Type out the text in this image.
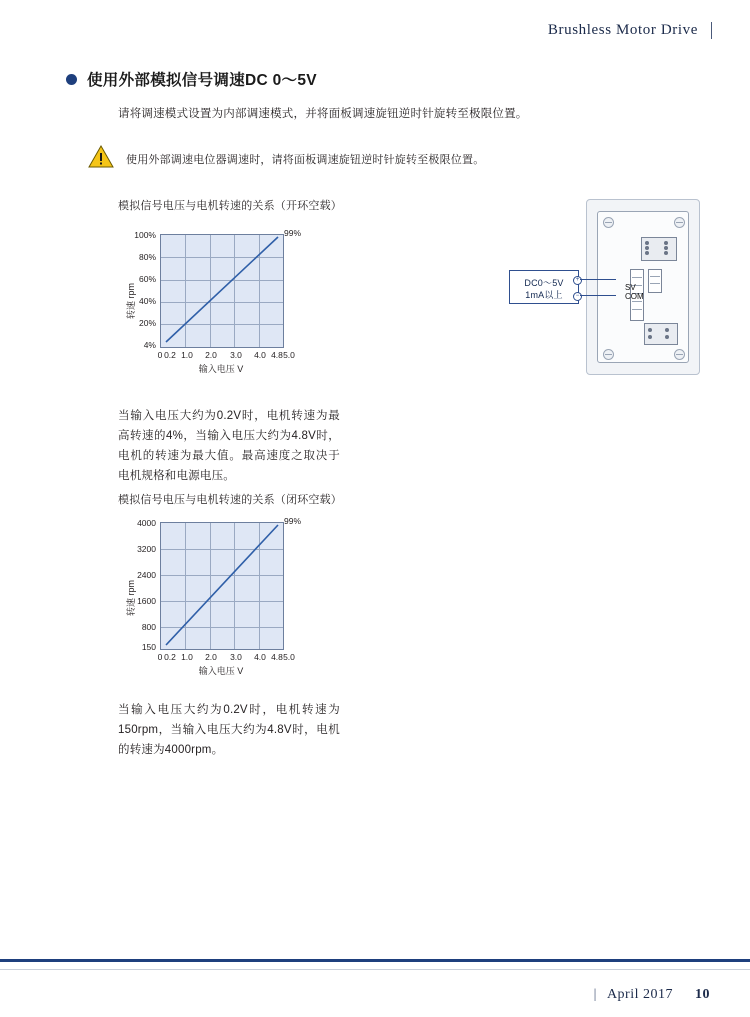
Brushless Motor Drive
使用外部模拟信号调速DC 0～5V
请将调速模式设置为内部调速模式，并将面板调速旋钮逆时针旋转至极限位置。
使用外部调速电位器调速时，请将面板调速旋钮逆时针旋转至极限位置。
模拟信号电压与电机转速的关系（开环空载）
转速 rpm
100%
80%
60%
40%
20%
4%
99%
0 0.2 1.0	2.0	3.0	4.0 4.8 5.0
输入电压 V
当输入电压大约为0.2V时，电机转速为最高转速的4%，当输入电压大约为4.8V时，电机的转速为最大值。最高速度之取决于电机规格和电源电压。
模拟信号电压与电机转速的关系（闭环空载）
转速 rpm
4000
3200
2400
1600
800
150
99%
0 0.2 1.0	2.0	3.0	4.0 4.8 5.0
输入电压 V
当输入电压大约为0.2V时，电机转速为150rpm，当输入电压大约为4.8V时，电机的转速为4000rpm。
SV
COM
DC0～5V
1mA以上
+
−
| April 2017 10
